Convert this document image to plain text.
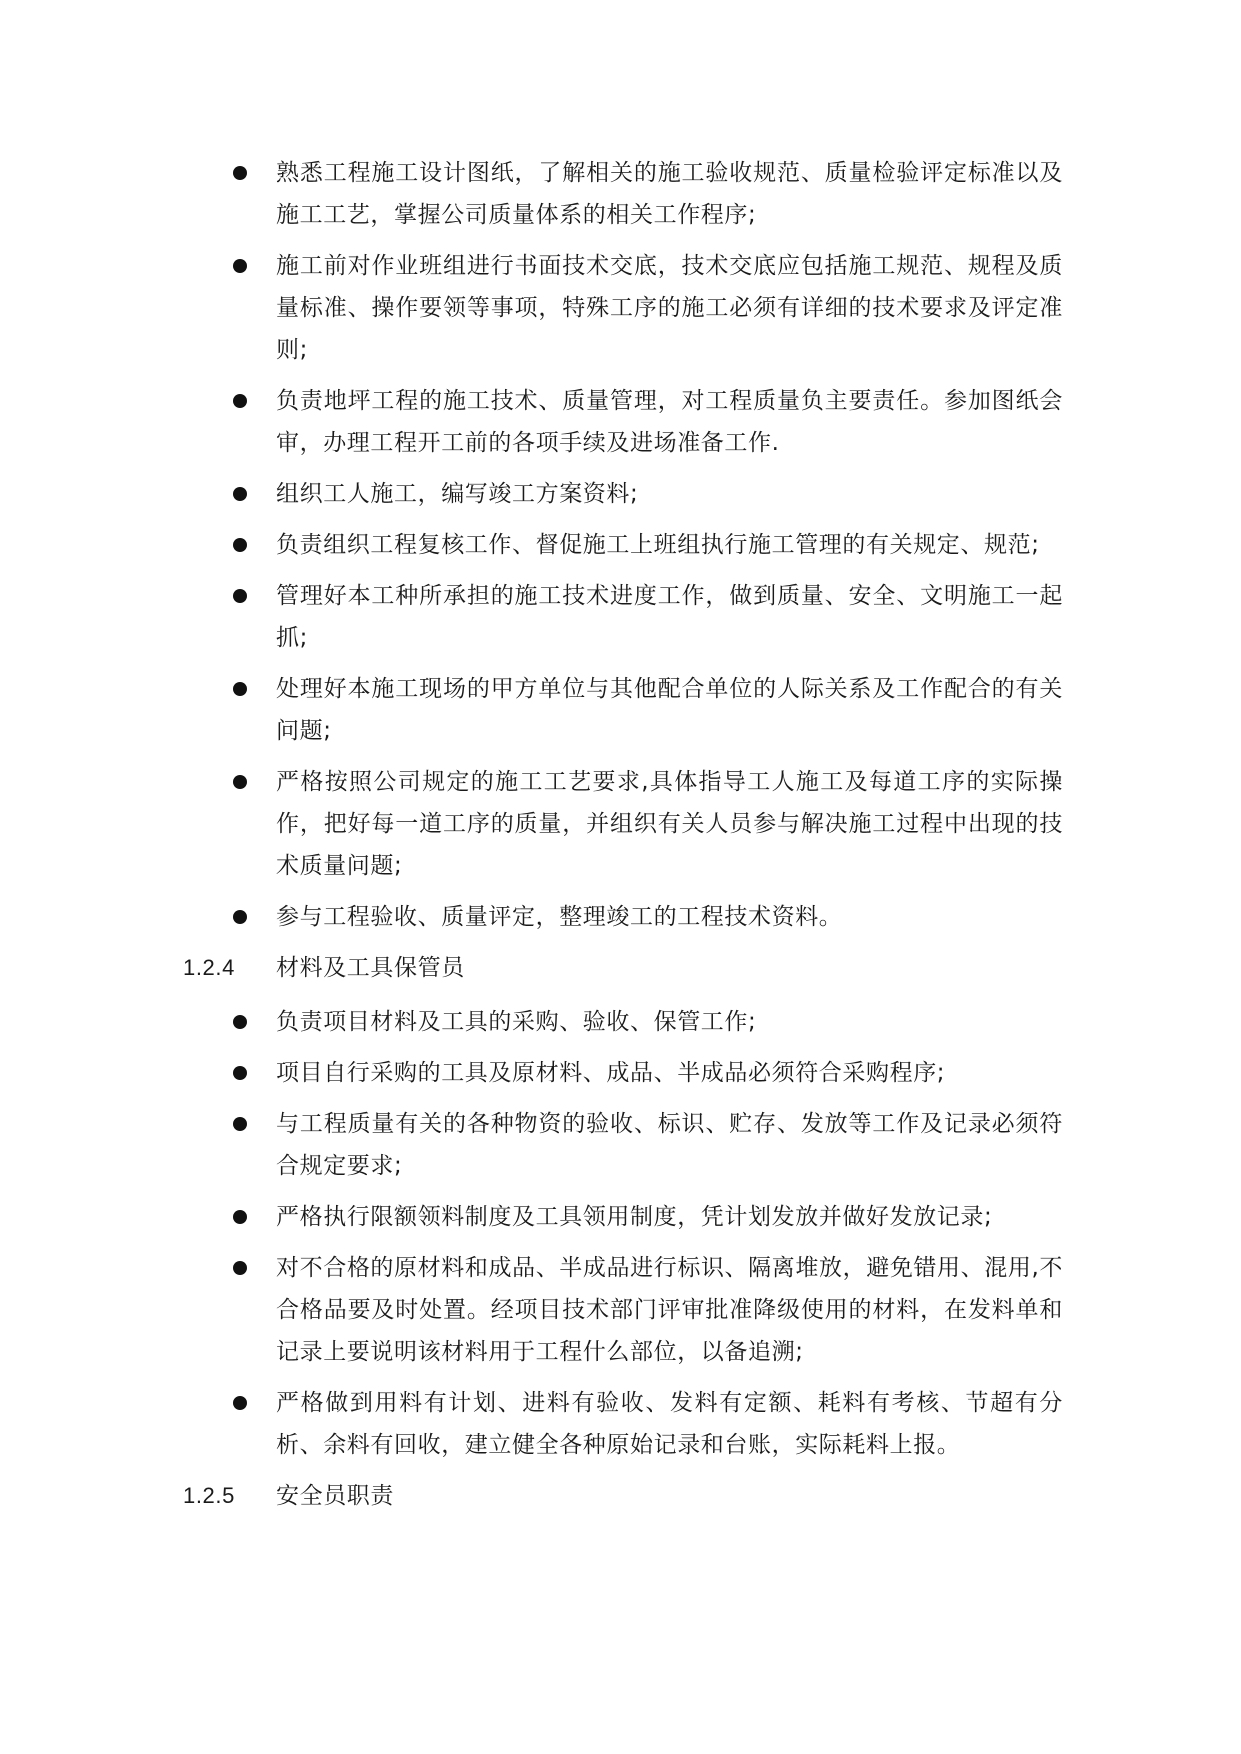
熟悉工程施工设计图纸，了解相关的施工验收规范、质量检验评定标准以及施工工艺，掌握公司质量体系的相关工作程序;
施工前对作业班组进行书面技术交底，技术交底应包括施工规范、规程及质量标准、操作要领等事项，特殊工序的施工必须有详细的技术要求及评定准则;
负责地坪工程的施工技术、质量管理，对工程质量负主要责任。参加图纸会审，办理工程开工前的各项手续及进场准备工作.
组织工人施工，编写竣工方案资料;
负责组织工程复核工作、督促施工上班组执行施工管理的有关规定、规范;
管理好本工种所承担的施工技术进度工作，做到质量、安全、文明施工一起抓;
处理好本施工现场的甲方单位与其他配合单位的人际关系及工作配合的有关问题;
严格按照公司规定的施工工艺要求,具体指导工人施工及每道工序的实际操作，把好每一道工序的质量，并组织有关人员参与解决施工过程中出现的技术质量问题;
参与工程验收、质量评定，整理竣工的工程技术资料。
1.2.4 材料及工具保管员
负责项目材料及工具的采购、验收、保管工作;
项目自行采购的工具及原材料、成品、半成品必须符合采购程序;
与工程质量有关的各种物资的验收、标识、贮存、发放等工作及记录必须符合规定要求;
严格执行限额领料制度及工具领用制度，凭计划发放并做好发放记录;
对不合格的原材料和成品、半成品进行标识、隔离堆放，避免错用、混用,不合格品要及时处置。经项目技术部门评审批准降级使用的材料，在发料单和记录上要说明该材料用于工程什么部位，以备追溯;
严格做到用料有计划、进料有验收、发料有定额、耗料有考核、节超有分析、余料有回收，建立健全各种原始记录和台账，实际耗料上报。
1.2.5 安全员职责
